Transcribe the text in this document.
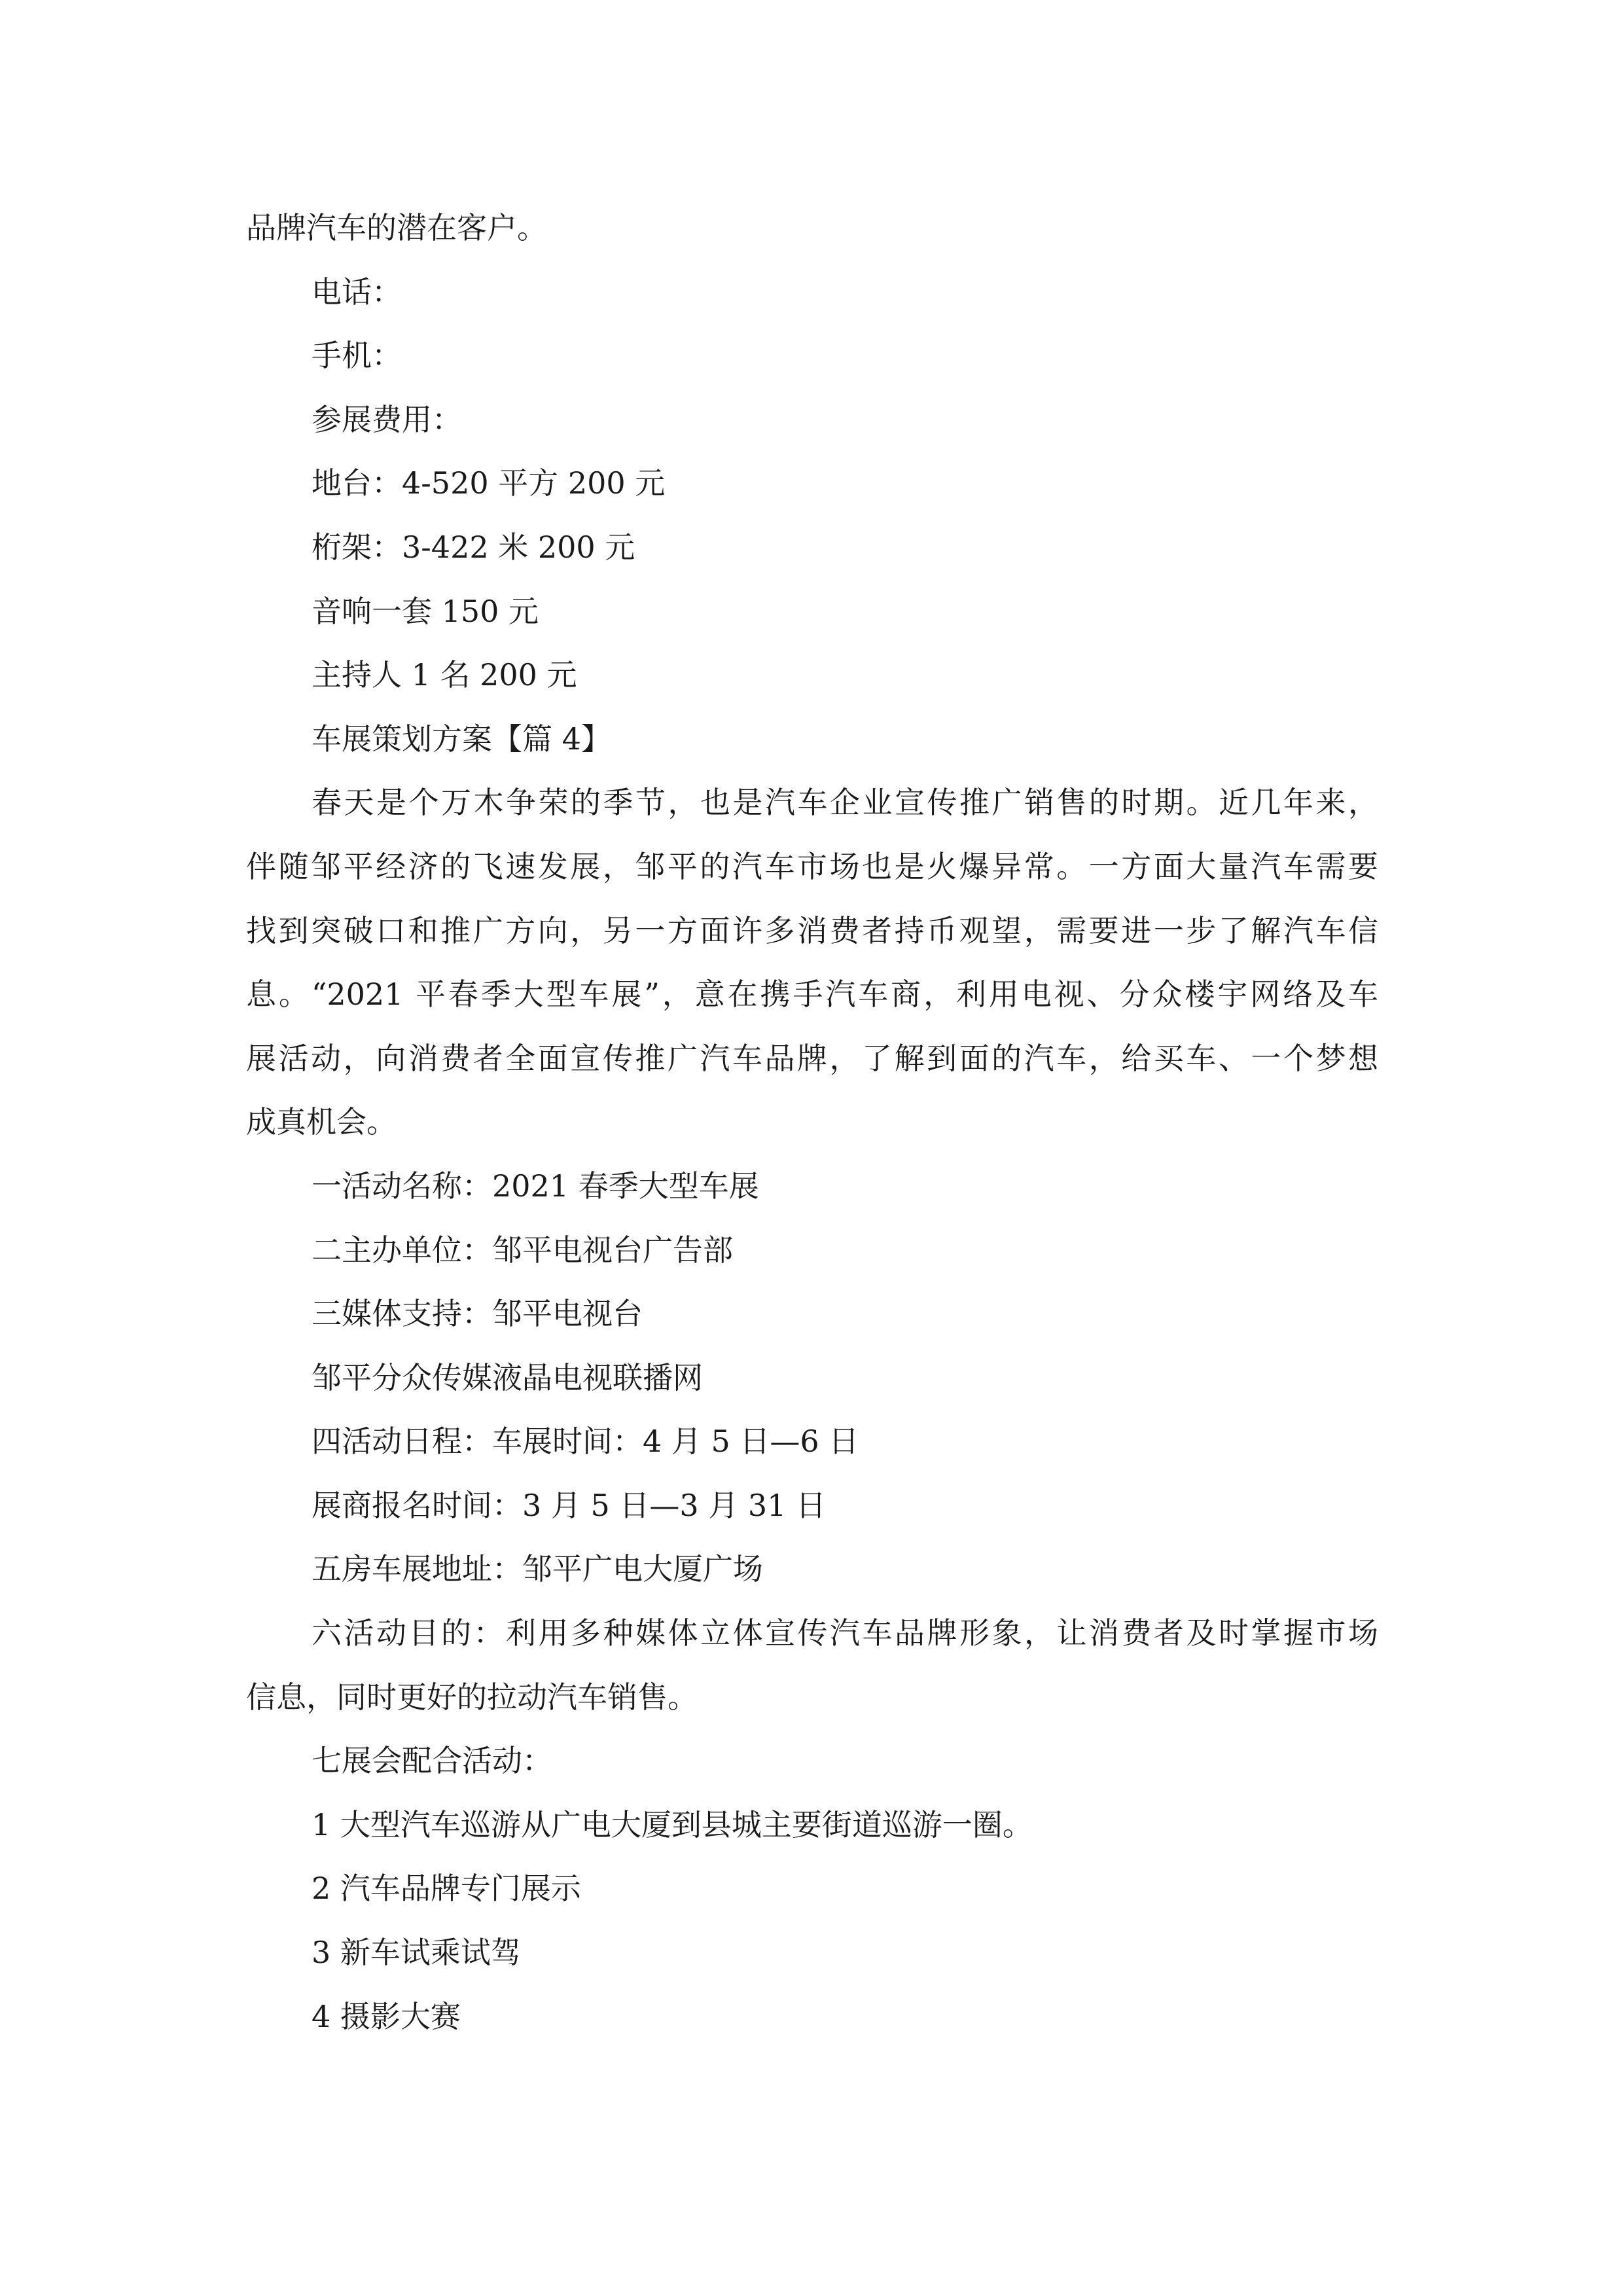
品牌汽车的潜在客户。
电话：
手机：
参展费用：
地台：4-520 平方 200 元
桁架：3-422 米 200 元
音响一套 150 元
主持人 1 名 200 元
车展策划方案【篇 4】
春天是个万木争荣的季节，也是汽车企业宣传推广销售的时期。近几年来，
伴随邹平经济的飞速发展，邹平的汽车市场也是火爆异常。一方面大量汽车需要
找到突破口和推广方向，另一方面许多消费者持币观望，需要进一步了解汽车信
息。“2021 平春季大型车展”，意在携手汽车商，利用电视、分众楼宇网络及车
展活动，向消费者全面宣传推广汽车品牌，了解到面的汽车，给买车、一个梦想
成真机会。
一活动名称：2021 春季大型车展
二主办单位：邹平电视台广告部
三媒体支持：邹平电视台
邹平分众传媒液晶电视联播网
四活动日程：车展时间：4 月 5 日—6 日
展商报名时间：3 月 5 日—3 月 31 日
五房车展地址：邹平广电大厦广场
六活动目的：利用多种媒体立体宣传汽车品牌形象，让消费者及时掌握市场
信息，同时更好的拉动汽车销售。
七展会配合活动：
1 大型汽车巡游从广电大厦到县城主要街道巡游一圈。
2 汽车品牌专门展示
3 新车试乘试驾
4 摄影大赛
